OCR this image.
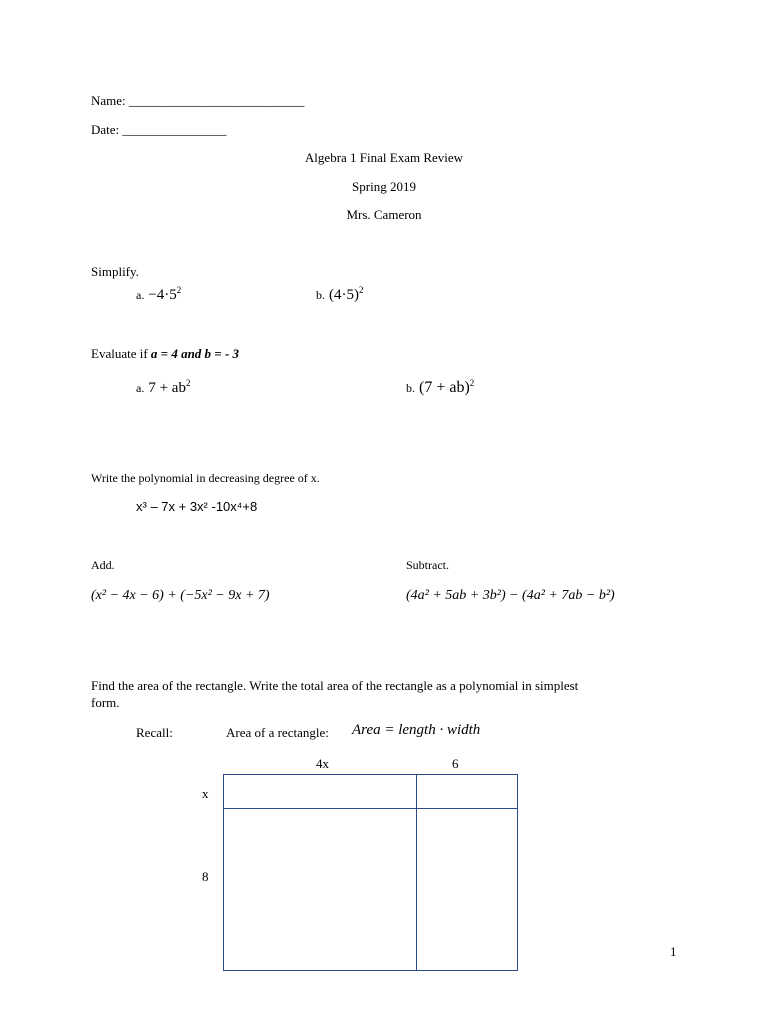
Name: ___________________________
Date: ________________
Algebra 1 Final Exam Review
Spring 2019
Mrs. Cameron
Simplify.
a. $-4\cdot 5^2$	b. $(4\cdot 5)^2$
Evaluate if a = 4 and b = - 3
a. $7 + ab^2$	b. (7 + ab)$^2$
Write the polynomial in decreasing degree of x.
x³ – 7x + 3x² -10x⁴+8
Add.
(x² − 4x − 6) + (−5x² − 9x + 7)
Subtract.
(4a² + 5ab + 3b²) − (4a² + 7ab − b²)
Find the area of the rectangle. Write the total area of the rectangle as a polynomial in simplest
form.
Recall:	Area of a rectangle: Area = length · width
4x	6
x
8
1
